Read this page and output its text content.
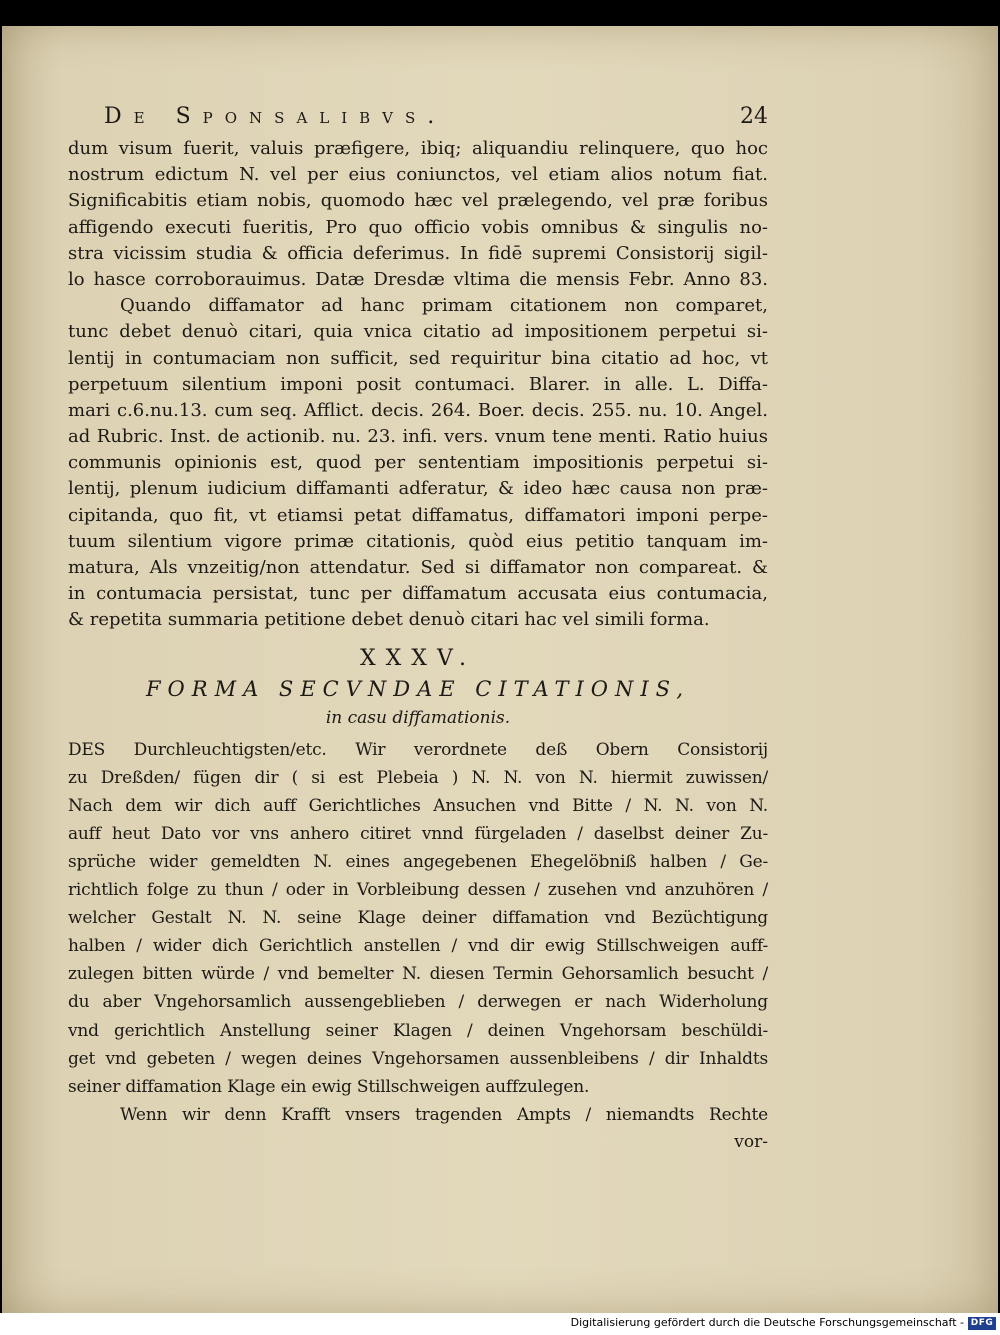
De Sponsalibvs.	24
dum visum fuerit, valuis præfigere, ibiq; aliquandiu relinquere, quo hoc
nostrum edictum N. vel per eius coniunctos, vel etiam alios notum fiat.
Significabitis etiam nobis, quomodo hæc vel prælegendo, vel præ foribus
affigendo executi fueritis, Pro quo officio vobis omnibus & singulis no-
stra vicissim studia & officia deferimus. In fidē supremi Consistorij sigil-
lo hasce corroborauimus. Datæ Dresdæ vltima die mensis Febr. Anno 83.
Quando diffamator ad hanc primam citationem non comparet,
tunc debet denuò citari, quia vnica citatio ad impositionem perpetui si-
lentij in contumaciam non sufficit, sed requiritur bina citatio ad hoc, vt
perpetuum silentium imponi posit contumaci. Blarer. in alle. L. Diffa-
mari c.6.nu.13. cum seq. Afflict. decis. 264. Boer. decis. 255. nu. 10. Angel.
ad Rubric. Inst. de actionib. nu. 23. infi. vers. vnum tene menti. Ratio huius
communis opinionis est, quod per sententiam impositionis perpetui si-
lentij, plenum iudicium diffamanti adferatur, & ideo hæc causa non præ-
cipitanda, quo fit, vt etiamsi petat diffamatus, diffamatori imponi perpe-
tuum silentium vigore primæ citationis, quòd eius petitio tanquam im-
matura, Als vnzeitig/non attendatur. Sed si diffamator non compareat. &
in contumacia persistat, tunc per diffamatum accusata eius contumacia,
& repetita summaria petitione debet denuò citari hac vel simili forma.
XXXV.
FORMA SECVNDAE CITATIONIS,
in casu diffamationis.
DES Durchleuchtigsten/etc. Wir verordnete deß Obern Consistorij
zu Dreßden/ fügen dir ( si est Plebeia ) N. N. von N. hiermit zuwissen/
Nach dem wir dich auff Gerichtliches Ansuchen vnd Bitte / N. N. von N.
auff heut Dato vor vns anhero citiret vnnd fürgeladen / daselbst deiner Zu-
sprüche wider gemeldten N. eines angegebenen Ehegelöbniß halben / Ge-
richtlich folge zu thun / oder in Vorbleibung dessen / zusehen vnd anzuhören /
welcher Gestalt N. N. seine Klage deiner diffamation vnd Bezüchtigung
halben / wider dich Gerichtlich anstellen / vnd dir ewig Stillschweigen auff-
zulegen bitten würde / vnd bemelter N. diesen Termin Gehorsamlich besucht /
du aber Vngehorsamlich aussengeblieben / derwegen er nach Widerholung
vnd gerichtlich Anstellung seiner Klagen / deinen Vngehorsam beschüldi-
get vnd gebeten / wegen deines Vngehorsamen aussenbleibens / dir Inhaldts
seiner diffamation Klage ein ewig Stillschweigen auffzulegen.
Wenn wir denn Krafft vnsers tragenden Ampts / niemandts Rechte
vor-
Digitalisierung gefördert durch die Deutsche Forschungsgemeinschaft - DFG
